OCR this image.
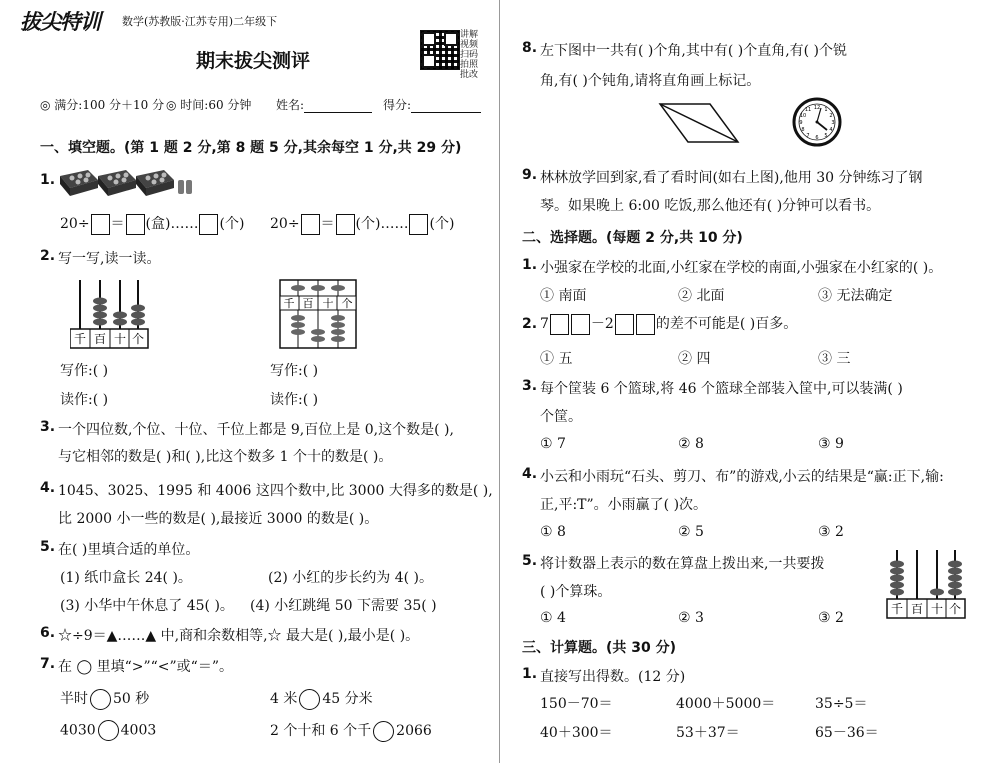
拔尖特训 数学(苏教版·江苏专用)二年级下
讲解视频扫码拍照批改
期末拔尖测评
◎ 满分:100 分＋10 分 ◎ 时间:60 分钟 姓名:	得分:
一、填空题。(第 1 题 2 分,第 8 题 5 分,其余每空 1 分,共 29 分)
1.
20÷ ＝ (盒)…… (个) 20÷ ＝ (个)…… (个)
2. 写一写,读一读。
千 百 十 个
千 百 十 个
写作:( )	写作:( )
读作:( )	读作:( )
3. 一个四位数,个位、十位、千位上都是 9,百位上是 0,这个数是( ),
与它相邻的数是( )和( ),比这个数多 1 个十的数是( )。
4. 1045、3025、1995 和 4006 这四个数中,比 3000 大得多的数是( ),
比 2000 小一些的数是( ),最接近 3000 的数是( )。
5. 在( )里填合适的单位。
(1) 纸巾盒长 24( )。	(2) 小红的步长约为 4( )。
(3) 小华中午休息了 45( )。 (4) 小红跳绳 50 下需要 35( )
6. ☆÷9＝▲……▲ 中,商和余数相等,☆ 最大是( ),最小是( )。
7. 在 ◯ 里填“>”“<”或“＝”。
半时 50 秒	4 米 45 分米
4030 4003	2 个十和 6 个千 2066
8. 左下图中一共有( )个角,其中有( )个直角,有( )个锐
角,有( )个钝角,请将直角画上标记。
12 1
2
3
4
5
6
7
8
9
10
11
9. 林林放学回到家,看了看时间(如右上图),他用 30 分钟练习了钢
琴。如果晚上 6:00 吃饭,那么他还有( )分钟可以看书。
二、选择题。(每题 2 分,共 10 分)
1. 小强家在学校的北面,小红家在学校的南面,小强家在小红家的( )。
① 南面	② 北面	③ 无法确定
2. 7	－2	的差不可能是( )百多。
① 五	② 四	③ 三
3. 每个筐装 6 个篮球,将 46 个篮球全部装入筐中,可以装满( )
个筐。
① 7	② 8	③ 9
4. 小云和小雨玩“石头、剪刀、布”的游戏,小云的结果是“赢:正下,输:
正,平:T”。小雨赢了( )次。
① 8	② 5	③ 2
5. 将计数器上表示的数在算盘上拨出来,一共要拨
( )个算珠。
① 4	② 3	③ 2
千 百 十 个
三、计算题。(共 30 分)
1. 直接写出得数。(12 分)
150－70＝	4000＋5000＝	35÷5＝
40＋300＝	53＋37＝	65－36＝
